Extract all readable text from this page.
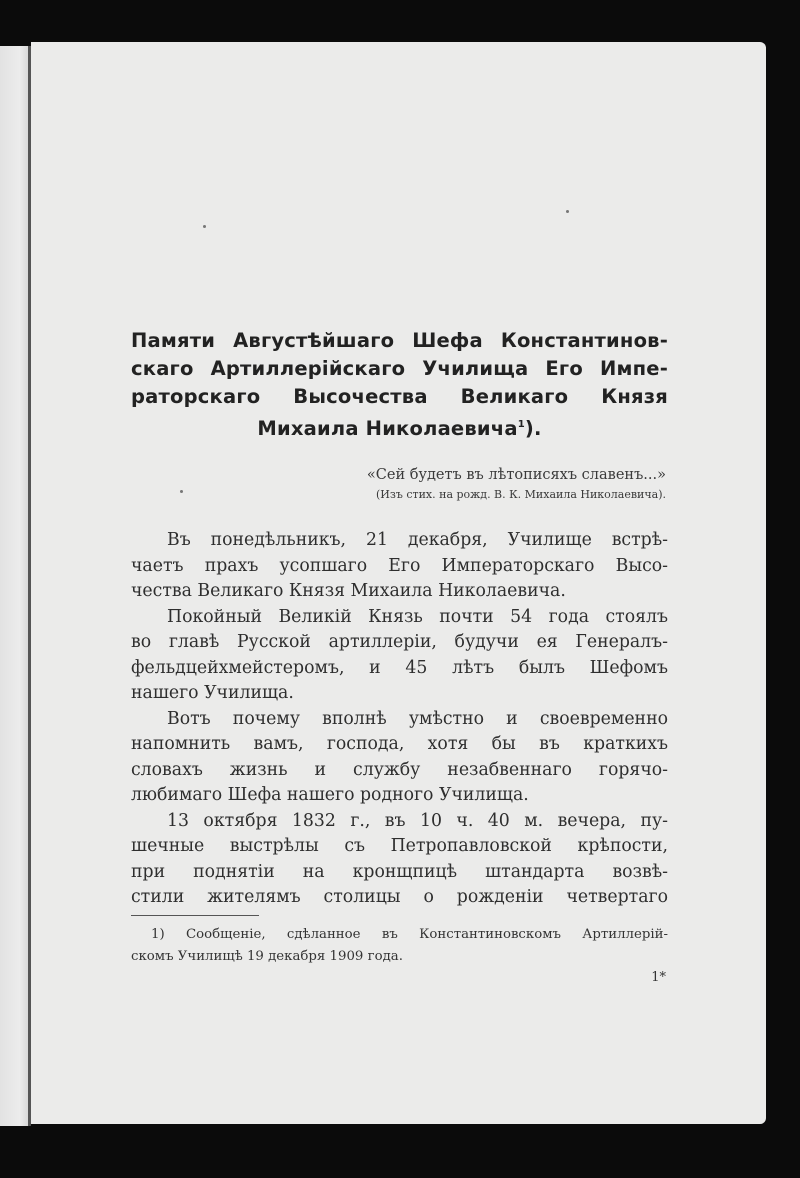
Памяти Августѣйшаго Шефа Константинов-
скаго Артиллерійскаго Училища Его Импе-
раторскаго Высочества Великаго Князя
Михаила Николаевича$^1$).
«Сей будетъ въ лѣтописяхъ славенъ...»
(Изъ стих. на рожд. В. К. Михаила Николаевича).
Въ понедѣльникъ, 21 декабря, Училище встрѣ-
чаетъ прахъ усопшаго Его Императорскаго Высо-
чества Великаго Князя Михаила Николаевича.
Покойный Великій Князь почти 54 года стоялъ
во главѣ Русской артиллеріи, будучи ея Генералъ-
фельдцейхмейстеромъ, и 45 лѣтъ былъ Шефомъ
нашего Училища.
Вотъ почему вполнѣ умѣстно и своевременно
напомнить вамъ, господа, хотя бы въ краткихъ
словахъ жизнь и службу незабвеннаго горячо-
любимаго Шефа нашего родного Училища.
13 октября 1832 г., въ 10 ч. 40 м. вечера, пу-
шечные выстрѣлы съ Петропавловской крѣпости,
при поднятіи на кронщпицѣ штандарта возвѣ-
стили жителямъ столицы о рожденіи четвертаго
1) Сообщеніе, сдѣланное въ Константиновскомъ Артиллерій-
скомъ Училищѣ 19 декабря 1909 года.
1*
